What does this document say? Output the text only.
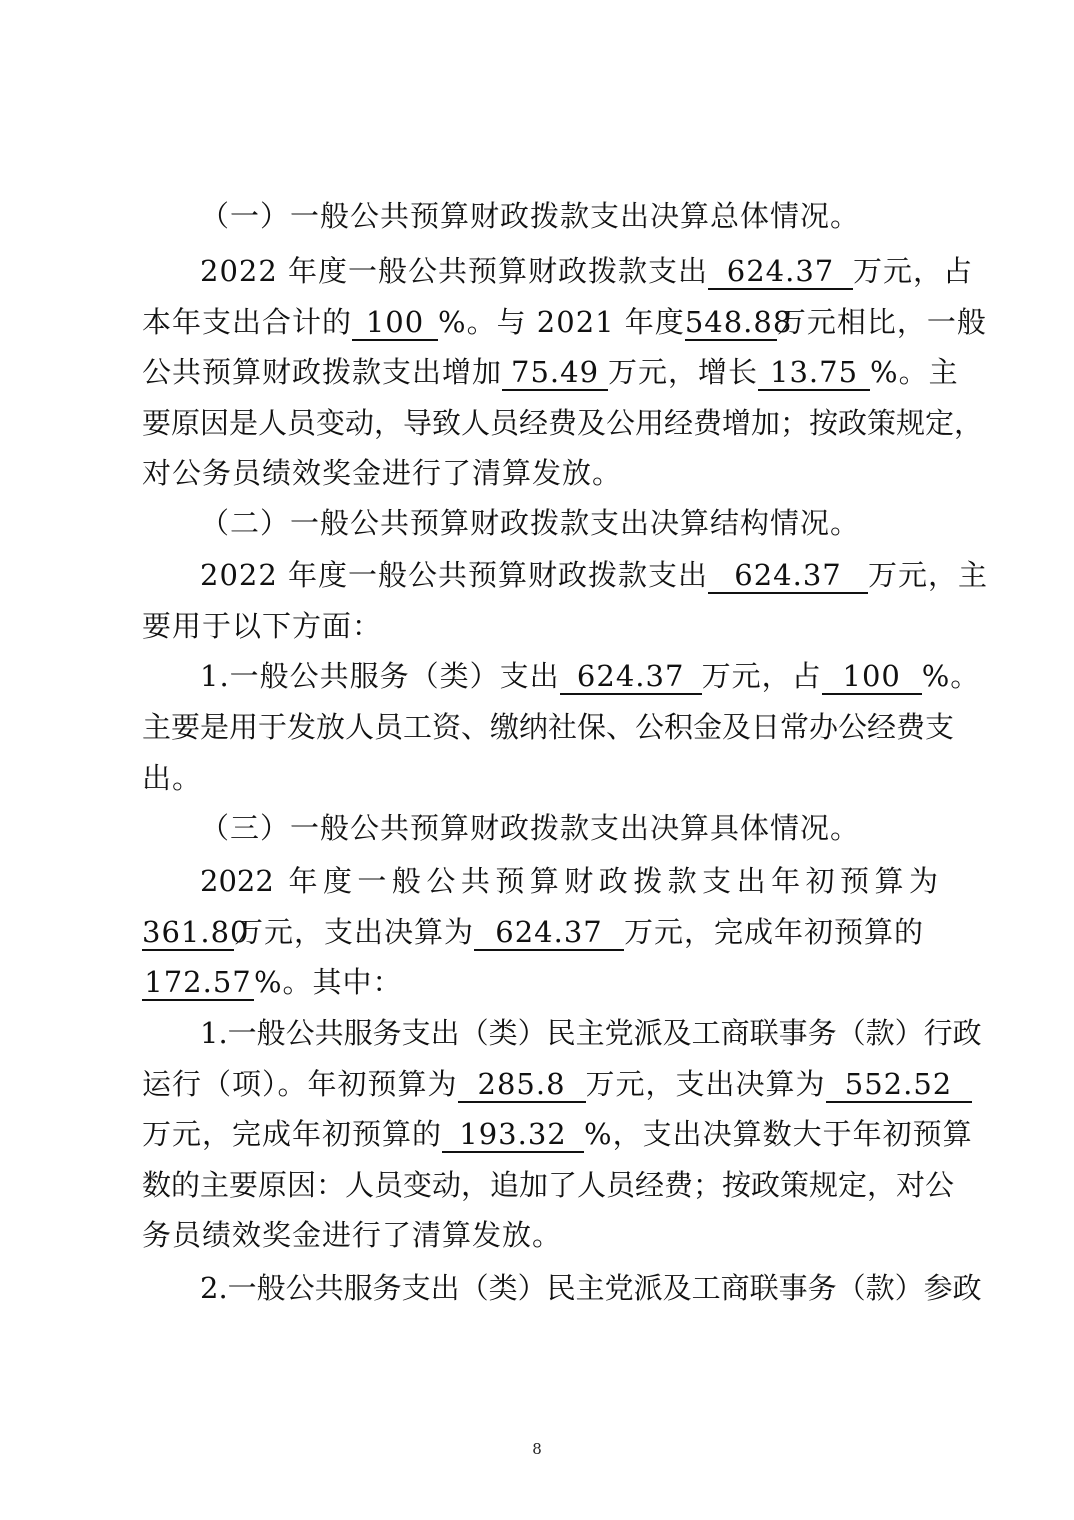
（一）一般公共预算财政拨款支出决算总体情况。
2022 年度一般公共预算财政拨款支出 624.37 万元，占
本年支出合计的 100 %。与 2021 年度548.88万元相比，一般
公共预算财政拨款支出增加 75.49 万元，增长 13.75 %。主
要原因是人员变动，导致人员经费及公用经费增加；按政策规定，
对公务员绩效奖金进行了清算发放。
（二）一般公共预算财政拨款支出决算结构情况。
2022 年度一般公共预算财政拨款支出 624.37 万元，主
要用于以下方面：
1.一般公共服务（类）支出 624.37 万元，占 100 %。
主要是用于发放人员工资、缴纳社保、公积金及日常办公经费支
出。
（三）一般公共预算财政拨款支出决算具体情况。
2022 年度一般公共预算财政拨款支出年初预算为
361.80万元，支出决算为 624.37 万元，完成年初预算的
172.57%。其中：
1.一般公共服务支出（类）民主党派及工商联事务（款）行政
运行（项）。年初预算为 285.8 万元，支出决算为 552.52
万元，完成年初预算的 193.32 %，支出决算数大于年初预算
数的主要原因：人员变动，追加了人员经费；按政策规定，对公
务员绩效奖金进行了清算发放。
2.一般公共服务支出（类）民主党派及工商联事务（款）参政
8
